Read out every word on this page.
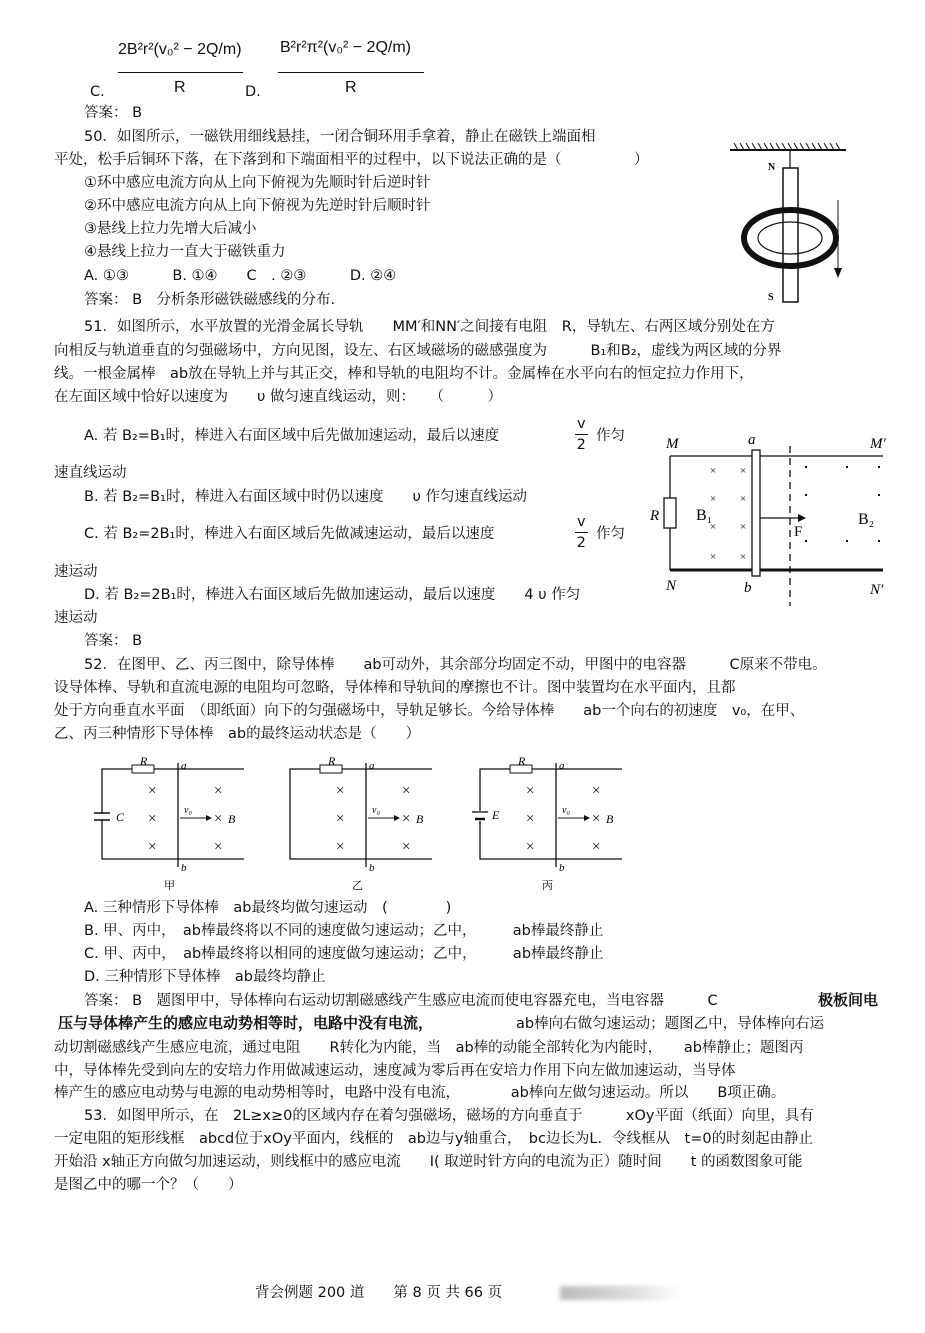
2B²r²(v₀² − 2Q/m)
R
C.
B²r²π²(v₀² − 2Q/m)
R
D.
答案： B
50．如图所示，一磁铁用细线悬挂，一闭合铜环用手拿着，静止在磁铁上端面相
平处，松手后铜环下落，在下落到和下端面相平的过程中，以下说法正确的是（　　　　　）
①环中感应电流方向从上向下俯视为先顺时针后逆时针
②环中感应电流方向从上向下俯视为先逆时针后顺时针
③悬线上拉力先增大后减小
④悬线上拉力一直大于磁铁重力
A. ①③　　　B. ①④　　C　. ②③　　　D. ②④
答案： B　分析条形磁铁磁感线的分布.
N
S
51．如图所示，水平放置的光滑金属长导轨　　MM′和NN′之间接有电阻　R，导轨左、右两区域分别处在方
向相反与轨道垂直的匀强磁场中，方向见图，设左、右区域磁场的磁感强度为　　　B₁和B₂，虚线为两区域的分界
线。一根金属棒　ab放在导轨上并与其正交，棒和导轨的电阻均不计。金属棒在水平向右的恒定拉力作用下，
在左面区域中恰好以速度为　　υ 做匀速直线运动，则：　　（　　　）
A. 若 B₂=B₁时，棒进入右面区域中后先做加速运动，最后以速度	$\frac{v}{2}$ 作匀
速直线运动
B. 若 B₂=B₁时，棒进入右面区域中时仍以速度　　υ 作匀速直线运动
C. 若 B₂=2B₁时，棒进入右面区域后先做减速运动，最后以速度	$\frac{v}{2}$ 作匀
速运动
D. 若 B₂=2B₁时，棒进入右面区域后先做加速运动，最后以速度　　4 υ 作匀
速运动
答案： B
× ×
× ×
× ×
× ×
M	M′
a
R B₁
F
B₂
N	b	N′
52．在图甲、乙、丙三图中，除导体棒　　ab可动外，其余部分均固定不动，甲图中的电容器　　　C原来不带电。
设导体棒、导轨和直流电源的电阻均可忽略，导体棒和导轨间的摩擦也不计。图中装置均在水平面内，且都
处于方向垂直水平面　（即纸面）向下的匀强磁场中，导轨足够长。今给导体棒　　ab一个向右的初速度　v₀，在甲、
乙、丙三种情形下导体棒　ab的最终运动状态是（　　）
×
×
×
×
×
×
R	a
C	v₀
B
b
甲
×
×
×
×
×
×
R	a
v₀
B
b
乙
×
×
×
×
×
×
R	a
E	v₀
B
b
丙
A. 三种情形下导体棒　ab最终均做匀速运动　(　　　　)
B. 甲、丙中，　ab棒最终将以不同的速度做匀速运动；乙中，　　　ab棒最终静止
C. 甲、丙中，　ab棒最终将以相同的速度做匀速运动；乙中，　　　ab棒最终静止
D. 三种情形下导体棒　ab最终均静止
答案： B　题图甲中，导体棒向右运动切割磁感线产生感应电流而使电容器充电，当电容器　　　C	极板间电
压与导体棒产生的感应电动势相等时，电路中没有电流，	ab棒向右做匀速运动；题图乙中，导体棒向右运
动切割磁感线产生感应电流，通过电阻　　R转化为内能，当　ab棒的动能全部转化为内能时，　　ab棒静止；题图丙
中，导体棒先受到向左的安培力作用做减速运动，速度减为零后再在安培力作用下向左做加速运动，当导体
棒产生的感应电动势与电源的电动势相等时，电路中没有电流，　　　　ab棒向左做匀速运动。所以　　B项正确。
53．如图甲所示，在　2L≥x≥0的区域内存在着匀强磁场，磁场的方向垂直于　　　xOy平面（纸面）向里，具有
一定电阻的矩形线框　abcd位于xOy平面内，线框的　ab边与y轴重合，　bc边长为L．令线框从　t=0的时刻起由静止
开始沿 x轴正方向做匀加速运动，则线框中的感应电流　　I( 取逆时针方向的电流为正）随时间　　t 的函数图象可能
是图乙中的哪一个？（　　）
背会例题 200 道　　第 8 页 共 66 页
